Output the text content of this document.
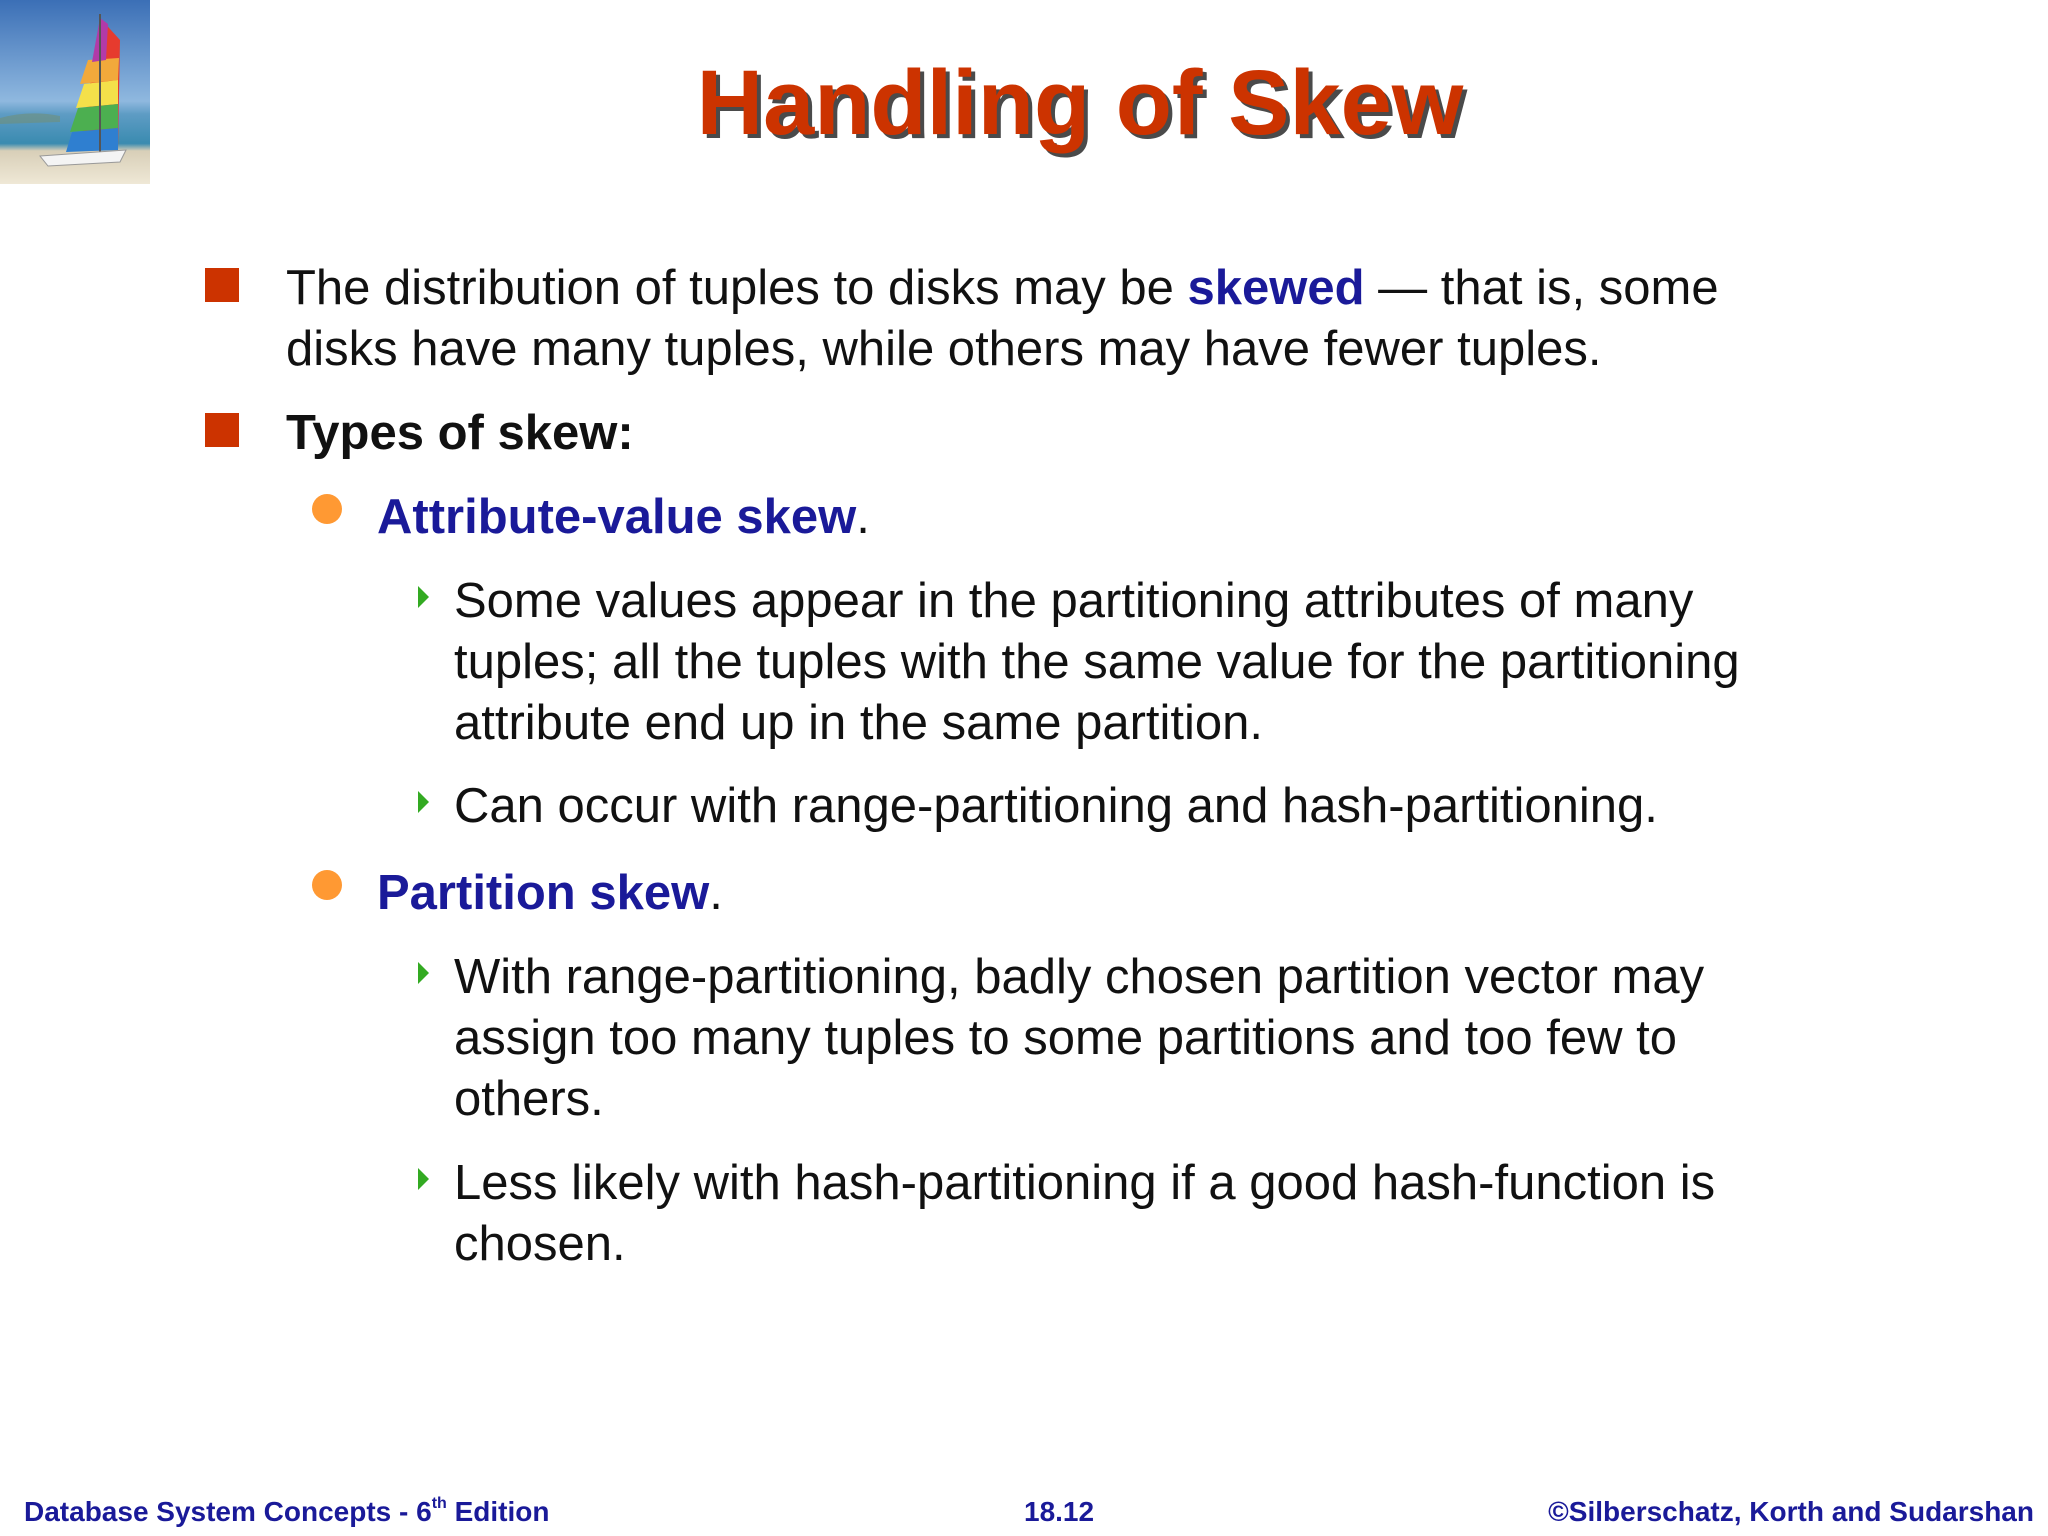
Handling of Skew
The distribution of tuples to disks may be skewed — that is, some
disks have many tuples, while others may have fewer tuples.
Types of skew:
Attribute-value skew.
Some values appear in the partitioning attributes of many
tuples; all the tuples with the same value for the partitioning
attribute end up in the same partition.
Can occur with range-partitioning and hash-partitioning.
Partition skew.
With range-partitioning, badly chosen partition vector may
assign too many tuples to some partitions and too few to
others.
Less likely with hash-partitioning if a good hash-function is
chosen.
Database System Concepts - 6th Edition	18.12	©Silberschatz, Korth and Sudarshan
